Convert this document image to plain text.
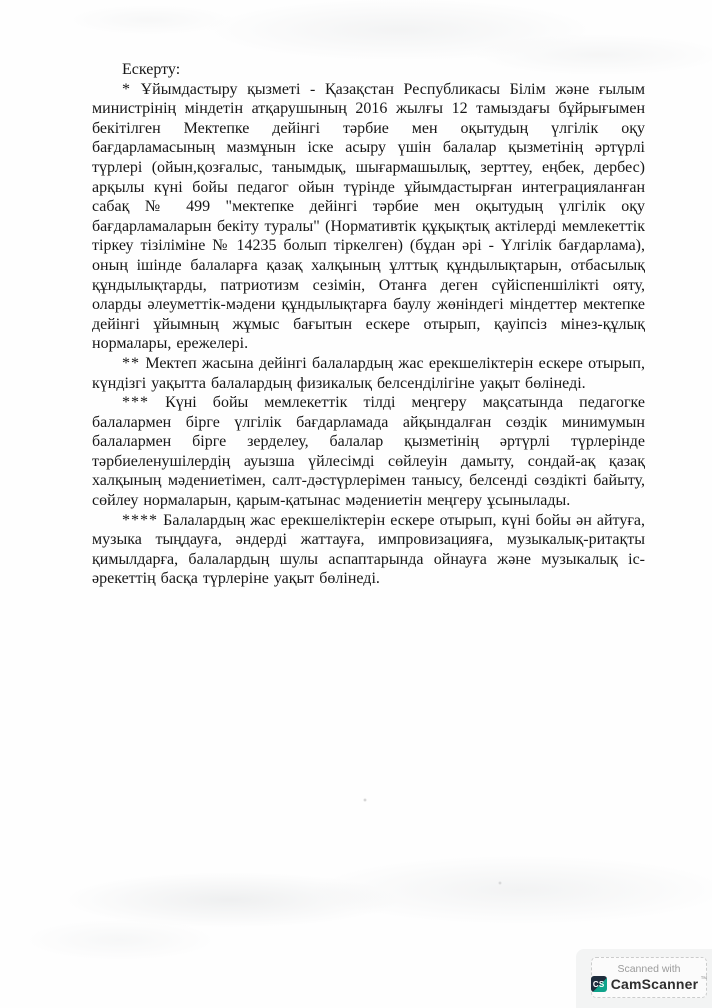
Ескерту:

* Ұйымдастыру қызметі - Қазақстан Республикасы Білім және ғылым министрінің міндетін атқарушының 2016 жылғы 12 тамыздағы бұйрығымен бекітілген Мектепке дейінгі тәрбие мен оқытудың үлгілік оқу бағдарламасының мазмұнын іске асыру үшін балалар қызметінің әртүрлі түрлері (ойын,қозғалыс, танымдық, шығармашылық, зерттеу, еңбек, дербес) арқылы күні бойы педагог ойын түрінде ұйымдастырған интеграцияланған сабақ № 499 "мектепке дейінгі тәрбие мен оқытудың үлгілік оқу бағдарламаларын бекіту туралы" (Нормативтік құқықтық актілерді мемлекеттік тіркеу тізіліміне № 14235 болып тіркелген) (бұдан әрі - Үлгілік бағдарлама), оның ішінде балаларға қазақ халқының ұлттық құндылықтарын, отбасылық құндылықтарды, патриотизм сезімін, Отанға деген сүйіспеншілікті ояту, оларды әлеуметтік-мәдени құндылықтарға баулу жөніндегі міндеттер мектепке дейінгі ұйымның жұмыс бағытын ескере отырып, қауіпсіз мінез-құлық нормалары, ережелері.

** Мектеп жасына дейінгі балалардың жас ерекшеліктерін ескере отырып, күндізгі уақытта балалардың физикалық белсенділігіне уақыт бөлінеді.

*** Күні бойы мемлекеттік тілді меңгеру мақсатында педагогке балалармен бірге үлгілік бағдарламада айқындалған сөздік минимумын балалармен бірге зерделеу, балалар қызметінің әртүрлі түрлерінде тәрбиеленушілердің ауызша үйлесімді сөйлеуін дамыту, сондай-ақ қазақ халқының мәдениетімен, салт-дәстүрлерімен танысу, белсенді сөздікті байыту, сөйлеу нормаларын, қарым-қатынас мәдениетін меңгеру ұсынылады.

**** Балалардың жас ерекшеліктерін ескере отырып, күні бойы ән айтуға, музыка тыңдауға, әндерді жаттауға, импровизацияға, музыкалық-ритақты қимылдарға, балалардың шулы аспаптарында ойнауға және музыкалық іс-әрекеттің басқа түрлеріне уақыт бөлінеді.

Scanned with
CS CamScanner ™
